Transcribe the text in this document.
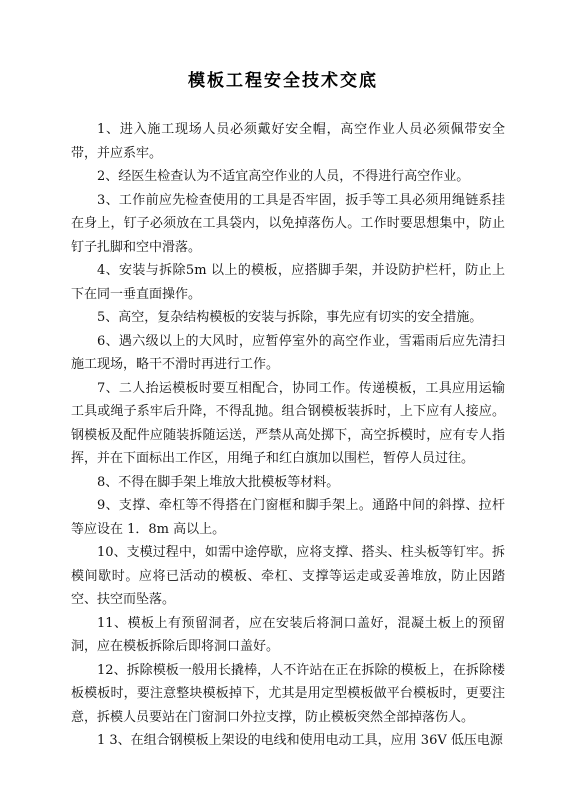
模板工程安全技术交底

1、进入施工现场人员必须戴好安全帽，高空作业人员必须佩带安全带，并应系牢。

2、经医生检查认为不适宜高空作业的人员，不得进行高空作业。

3、工作前应先检查使用的工具是否牢固，扳手等工具必须用绳链系挂在身上，钉子必须放在工具袋内，以免掉落伤人。工作时要思想集中，防止钉子扎脚和空中滑落。

4、安装与拆除5m 以上的模板，应搭脚手架，并设防护栏杆，防止上下在同一垂直面操作。

5、高空，复杂结构模板的安装与拆除，事先应有切实的安全措施。

6、遇六级以上的大风时，应暂停室外的高空作业，雪霜雨后应先清扫施工现场，略干不滑时再进行工作。

7、二人抬运模板时要互相配合，协同工作。传递模板，工具应用运输工具或绳子系牢后升降，不得乱抛。组合钢模板装拆时，上下应有人接应。钢模板及配件应随装拆随运送，严禁从高处掷下，高空拆模时，应有专人指挥，并在下面标出工作区，用绳子和红白旗加以围栏，暂停人员过往。

8、不得在脚手架上堆放大批模板等材料。

9、支撑、牵杠等不得搭在门窗框和脚手架上。通路中间的斜撑、拉杆等应设在 1．8m 高以上。

10、支模过程中，如需中途停歇，应将支撑、搭头、柱头板等钉牢。拆模间歇时。应将已活动的模板、牵杠、支撑等运走或妥善堆放，防止因踏空、扶空而坠落。

11、模板上有预留洞者，应在安装后将洞口盖好，混凝土板上的预留洞，应在模板拆除后即将洞口盖好。

12、拆除模板一般用长撬棒，人不许站在正在拆除的模板上，在拆除楼板模板时，要注意整块模板掉下，尤其是用定型模板做平台模板时，更要注意，拆模人员要站在门窗洞口外拉支撑，防止模板突然全部掉落伤人。

1 3、在组合钢模板上架设的电线和使用电动工具，应用 36V 低压电源
